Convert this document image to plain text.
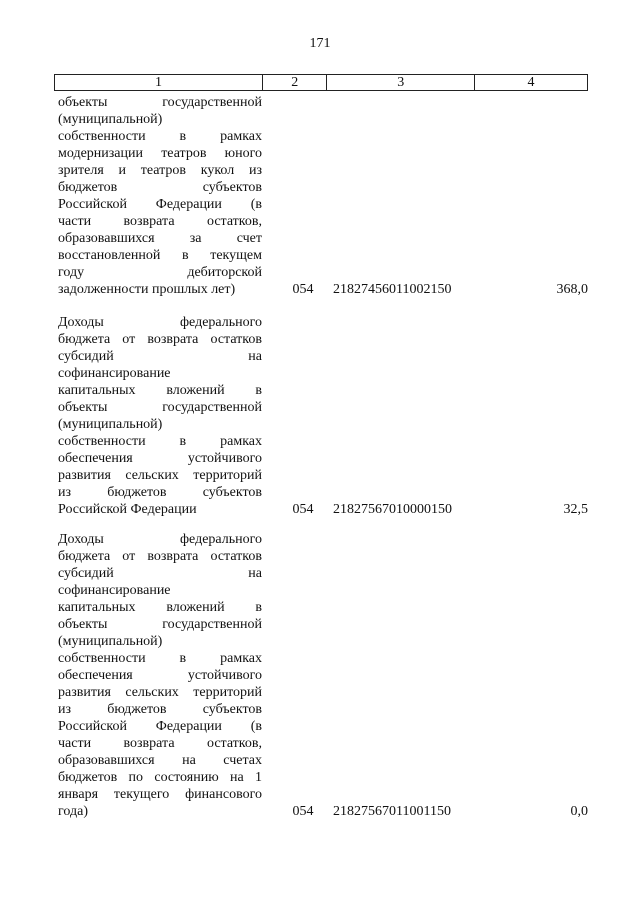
171
1	2	3	4
объекты государственной
(муниципальной)
собственности в рамках
модернизации театров юного
зрителя и театров кукол из
бюджетов субъектов
Российской Федерации (в
части возврата остатков,
образовавшихся за счет
восстановленной в текущем
году дебиторской
задолженности прошлых лет)	054	21827456011002150	368,0
Доходы федерального
бюджета от возврата остатков
субсидий на
софинансирование
капитальных вложений в
объекты государственной
(муниципальной)
собственности в рамках
обеспечения устойчивого
развития сельских территорий
из бюджетов субъектов
Российской Федерации	054	21827567010000150	32,5
Доходы федерального
бюджета от возврата остатков
субсидий на
софинансирование
капитальных вложений в
объекты государственной
(муниципальной)
собственности в рамках
обеспечения устойчивого
развития сельских территорий
из бюджетов субъектов
Российской Федерации (в
части возврата остатков,
образовавшихся на счетах
бюджетов по состоянию на 1
января текущего финансового
года)	054	21827567011001150	0,0
